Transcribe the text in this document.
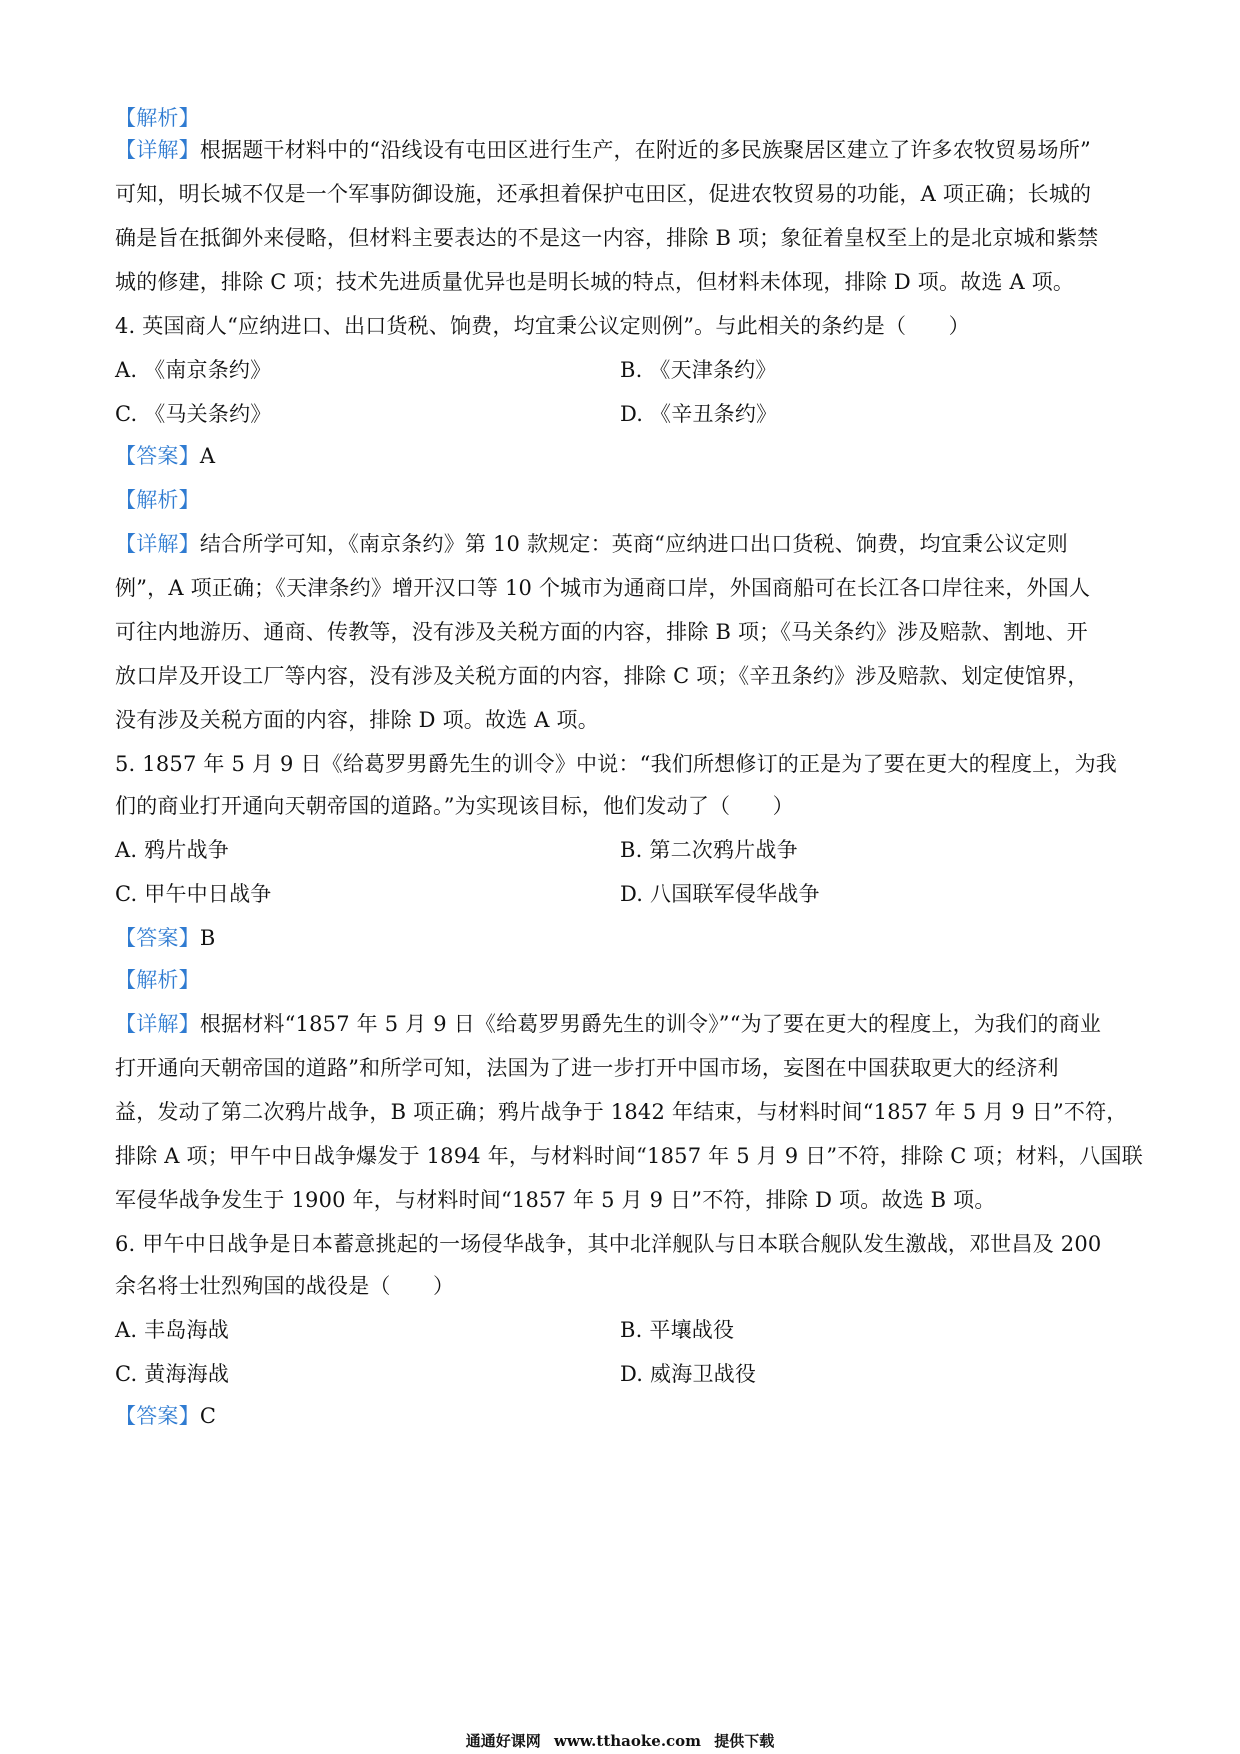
【解析】
【详解】根据题干材料中的“沿线设有屯田区进行生产，在附近的多民族聚居区建立了许多农牧贸易场所”
可知，明长城不仅是一个军事防御设施，还承担着保护屯田区，促进农牧贸易的功能，A 项正确；长城的
确是旨在抵御外来侵略，但材料主要表达的不是这一内容，排除 B 项；象征着皇权至上的是北京城和紫禁
城的修建，排除 C 项；技术先进质量优异也是明长城的特点，但材料未体现，排除 D 项。故选 A 项。
4. 英国商人“应纳进口、出口货税、饷费，均宜秉公议定则例”。与此相关的条约是（　　）
A. 《南京条约》	B. 《天津条约》
C. 《马关条约》	D. 《辛丑条约》
【答案】A
【解析】
【详解】结合所学可知，《南京条约》第 10 款规定：英商“应纳进口出口货税、饷费，均宜秉公议定则
例”，A 项正确；《天津条约》增开汉口等 10 个城市为通商口岸，外国商船可在长江各口岸往来，外国人
可往内地游历、通商、传教等，没有涉及关税方面的内容，排除 B 项；《马关条约》涉及赔款、割地、开
放口岸及开设工厂等内容，没有涉及关税方面的内容，排除 C 项；《辛丑条约》涉及赔款、划定使馆界，
没有涉及关税方面的内容，排除 D 项。故选 A 项。
5. 1857 年 5 月 9 日《给葛罗男爵先生的训令》中说：“我们所想修订的正是为了要在更大的程度上，为我
们的商业打开通向天朝帝国的道路。”为实现该目标，他们发动了（　　）
A. 鸦片战争	B. 第二次鸦片战争
C. 甲午中日战争	D. 八国联军侵华战争
【答案】B
【解析】
【详解】根据材料“1857 年 5 月 9 日《给葛罗男爵先生的训令》”“为了要在更大的程度上，为我们的商业
打开通向天朝帝国的道路”和所学可知，法国为了进一步打开中国市场，妄图在中国获取更大的经济利
益，发动了第二次鸦片战争，B 项正确；鸦片战争于 1842 年结束，与材料时间“1857 年 5 月 9 日”不符，
排除 A 项；甲午中日战争爆发于 1894 年，与材料时间“1857 年 5 月 9 日”不符，排除 C 项；材料，八国联
军侵华战争发生于 1900 年，与材料时间“1857 年 5 月 9 日”不符，排除 D 项。故选 B 项。
6. 甲午中日战争是日本蓄意挑起的一场侵华战争，其中北洋舰队与日本联合舰队发生激战，邓世昌及 200
余名将士壮烈殉国的战役是（　　）
A. 丰岛海战	B. 平壤战役
C. 黄海海战	D. 威海卫战役
【答案】C
通通好课网 www.tthaoke.com 提供下载
